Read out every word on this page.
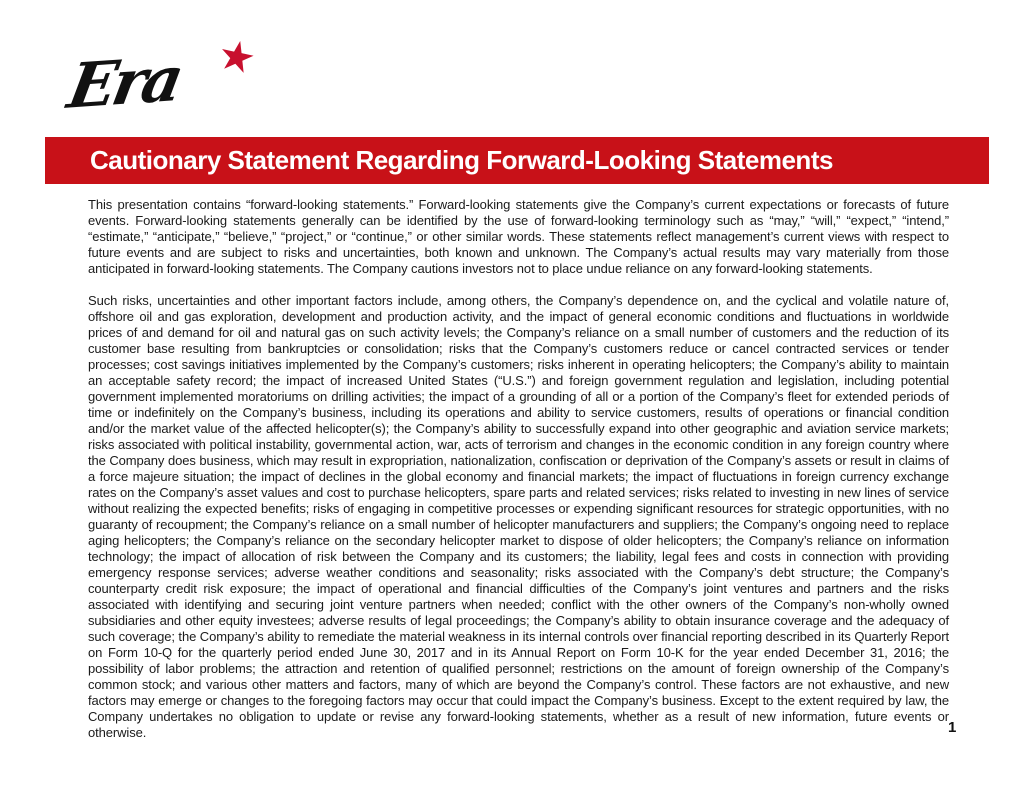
Era ★
Cautionary Statement Regarding Forward-Looking Statements

This presentation contains “forward-looking statements.” Forward-looking statements give the Company’s current expectations or forecasts of future events. Forward-looking statements generally can be identified by the use of forward-looking terminology such as “may,” “will,” “expect,” “intend,” “estimate,” “anticipate,” “believe,” “project,” or “continue,” or other similar words. These statements reflect management’s current views with respect to future events and are subject to risks and uncertainties, both known and unknown. The Company’s actual results may vary materially from those anticipated in forward-looking statements. The Company cautions investors not to place undue reliance on any forward-looking statements.

Such risks, uncertainties and other important factors include, among others, the Company’s dependence on, and the cyclical and volatile nature of, offshore oil and gas exploration, development and production activity, and the impact of general economic conditions and fluctuations in worldwide prices of and demand for oil and natural gas on such activity levels; the Company’s reliance on a small number of customers and the reduction of its customer base resulting from bankruptcies or consolidation; risks that the Company’s customers reduce or cancel contracted services or tender processes; cost savings initiatives implemented by the Company’s customers; risks inherent in operating helicopters; the Company’s ability to maintain an acceptable safety record; the impact of increased United States (“U.S.”) and foreign government regulation and legislation, including potential government implemented moratoriums on drilling activities; the impact of a grounding of all or a portion of the Company’s fleet for extended periods of time or indefinitely on the Company’s business, including its operations and ability to service customers, results of operations or financial condition and/or the market value of the affected helicopter(s); the Company’s ability to successfully expand into other geographic and aviation service markets; risks associated with political instability, governmental action, war, acts of terrorism and changes in the economic condition in any foreign country where the Company does business, which may result in expropriation, nationalization, confiscation or deprivation of the Company’s assets or result in claims of a force majeure situation; the impact of declines in the global economy and financial markets; the impact of fluctuations in foreign currency exchange rates on the Company’s asset values and cost to purchase helicopters, spare parts and related services; risks related to investing in new lines of service without realizing the expected benefits; risks of engaging in competitive processes or expending significant resources for strategic opportunities, with no guaranty of recoupment; the Company’s reliance on a small number of helicopter manufacturers and suppliers; the Company’s ongoing need to replace aging helicopters; the Company’s reliance on the secondary helicopter market to dispose of older helicopters; the Company’s reliance on information technology; the impact of allocation of risk between the Company and its customers; the liability, legal fees and costs in connection with providing emergency response services; adverse weather conditions and seasonality; risks associated with the Company’s debt structure; the Company’s counterparty credit risk exposure; the impact of operational and financial difficulties of the Company’s joint ventures and partners and the risks associated with identifying and securing joint venture partners when needed; conflict with the other owners of the Company’s non-wholly owned subsidiaries and other equity investees; adverse results of legal proceedings; the Company’s ability to obtain insurance coverage and the adequacy of such coverage; the Company’s ability to remediate the material weakness in its internal controls over financial reporting described in its Quarterly Report on Form 10-Q for the quarterly period ended June 30, 2017 and in its Annual Report on Form 10-K for the year ended December 31, 2016; the possibility of labor problems; the attraction and retention of qualified personnel; restrictions on the amount of foreign ownership of the Company’s common stock; and various other matters and factors, many of which are beyond the Company’s control. These factors are not exhaustive, and new factors may emerge or changes to the foregoing factors may occur that could impact the Company’s business. Except to the extent required by law, the Company undertakes no obligation to update or revise any forward-looking statements, whether as a result of new information, future events or otherwise.	1
